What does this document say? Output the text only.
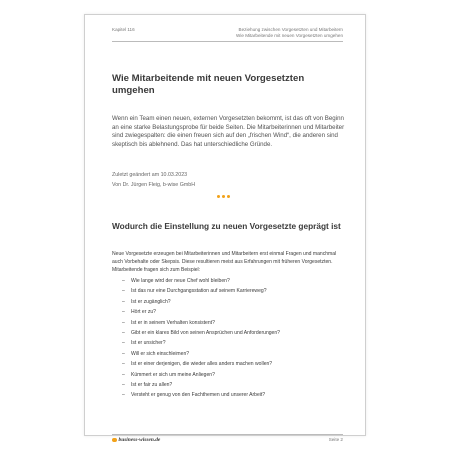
Kapitel 116	Beziehung zwischen Vorgesetzten und Mitarbeitern
Wie Mitarbeitende mit neuen Vorgesetzten umgehen
Wie Mitarbeitende mit neuen Vorgesetzten umgehen
Wenn ein Team einen neuen, externen Vorgesetzten bekommt, ist das oft von Beginn an eine starke Belastungsprobe für beide Seiten. Die Mitarbeiterinnen und Mitarbeiter sind zwiegespalten: die einen freuen sich auf den „frischen Wind“, die anderen sind skeptisch bis ablehnend. Das hat unterschiedliche Gründe.
Zuletzt geändert am 10.03.2023
Von Dr. Jürgen Fleig, b-wise GmbH
Wodurch die Einstellung zu neuen Vorgesetzte geprägt ist
Neue Vorgesetzte erzeugen bei Mitarbeiterinnen und Mitarbeitern erst einmal Fragen und manchmal auch Vorbehalte oder Skepsis. Diese resultieren meist aus Erfahrungen mit früheren Vorgesetzten. Mitarbeitende fragen sich zum Beispiel:
–	Wie lange wird der neue Chef wohl bleiben?
–	Ist das nur eine Durchgangsstation auf seinem Karriereweg?
–	Ist er zugänglich?
–	Hört er zu?
–	Ist er in seinem Verhalten konsistent?
–	Gibt er ein klares Bild von seinen Ansprüchen und Anforderungen?
–	Ist er unsicher?
–	Will er sich einschleimen?
–	Ist er einer derjenigen, die wieder alles anders machen wollen?
–	Kümmert er sich um meine Anliegen?
–	Ist er fair zu allen?
–	Versteht er genug von den Fachthemen und unserer Arbeit?
business-wissen.de	Seite 2
